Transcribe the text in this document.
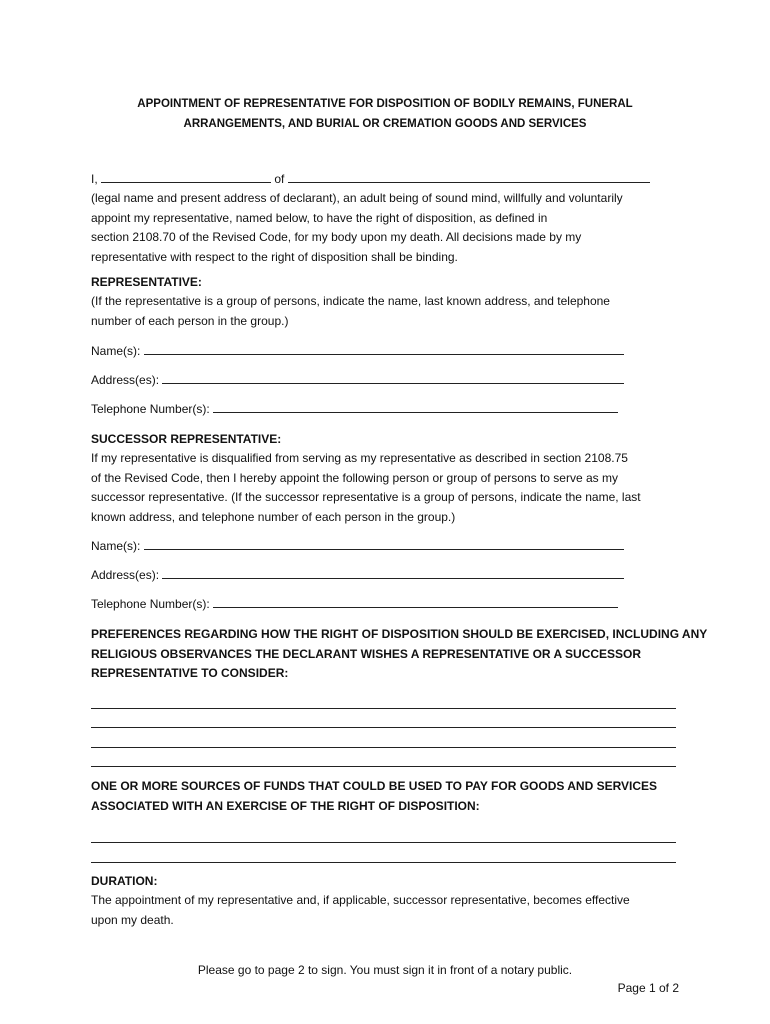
APPOINTMENT OF REPRESENTATIVE FOR DISPOSITION OF BODILY REMAINS, FUNERAL
ARRANGEMENTS, AND BURIAL OR CREMATION GOODS AND SERVICES
I,	of
(legal name and present address of declarant), an adult being of sound mind, willfully and voluntarily
appoint my representative, named below, to have the right of disposition, as defined in
section 2108.70 of the Revised Code, for my body upon my death. All decisions made by my
representative with respect to the right of disposition shall be binding.
REPRESENTATIVE:
(If the representative is a group of persons, indicate the name, last known address, and telephone
number of each person in the group.)
Name(s):
Address(es):
Telephone Number(s):
SUCCESSOR REPRESENTATIVE:
If my representative is disqualified from serving as my representative as described in section 2108.75
of the Revised Code, then I hereby appoint the following person or group of persons to serve as my
successor representative. (If the successor representative is a group of persons, indicate the name, last
known address, and telephone number of each person in the group.)
Name(s):
Address(es):
Telephone Number(s):
PREFERENCES REGARDING HOW THE RIGHT OF DISPOSITION SHOULD BE EXERCISED, INCLUDING ANY
RELIGIOUS OBSERVANCES THE DECLARANT WISHES A REPRESENTATIVE OR A SUCCESSOR
REPRESENTATIVE TO CONSIDER:
ONE OR MORE SOURCES OF FUNDS THAT COULD BE USED TO PAY FOR GOODS AND SERVICES
ASSOCIATED WITH AN EXERCISE OF THE RIGHT OF DISPOSITION:
DURATION:
The appointment of my representative and, if applicable, successor representative, becomes effective
upon my death.
Please go to page 2 to sign. You must sign it in front of a notary public.
Page 1 of 2
